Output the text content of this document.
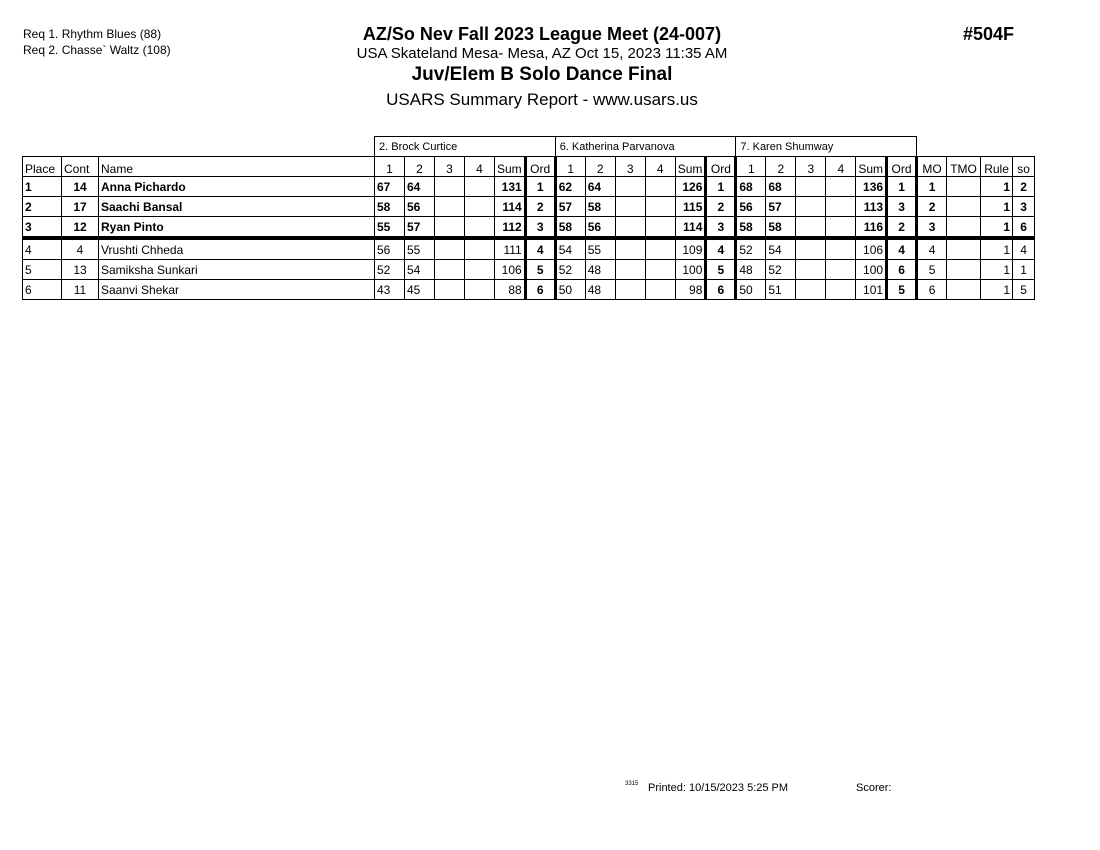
Req 1. Rhythm Blues (88)
Req 2. Chasse` Waltz (108)
AZ/So Nev Fall 2023 League Meet (24-007)
USA Skateland Mesa- Mesa, AZ Oct 15, 2023 11:35 AM
Juv/Elem B Solo Dance Final
USARS Summary Report - www.usars.us
#504F
			2. Brock Curtice						6. Katherina Parvanova						7. Karen Shumway									
Place	Cont	Name	1	2	3	4	Sum	Ord	1	2	3	4	Sum	Ord	1	2	3	4	Sum	Ord	MO	TMO	Rule	so
1	14	Anna Pichardo	67	64			131	1	62	64			126	1	68	68			136	1	1		1	2
2	17	Saachi Bansal	58	56			114	2	57	58			115	2	56	57			113	3	2		1	3
3	12	Ryan Pinto	55	57			112	3	58	56			114	3	58	58			116	2	3		1	6
4	4	Vrushti Chheda	56	55			111	4	54	55			109	4	52	54			106	4	4		1	4
5	13	Samiksha Sunkari	52	54			106	5	52	48			100	5	48	52			100	6	5		1	1
6	11	Saanvi Shekar	43	45			88	6	50	48			98	6	50	51			101	5	6		1	5
3315 Printed: 10/15/2023 5:25 PM	Scorer:
